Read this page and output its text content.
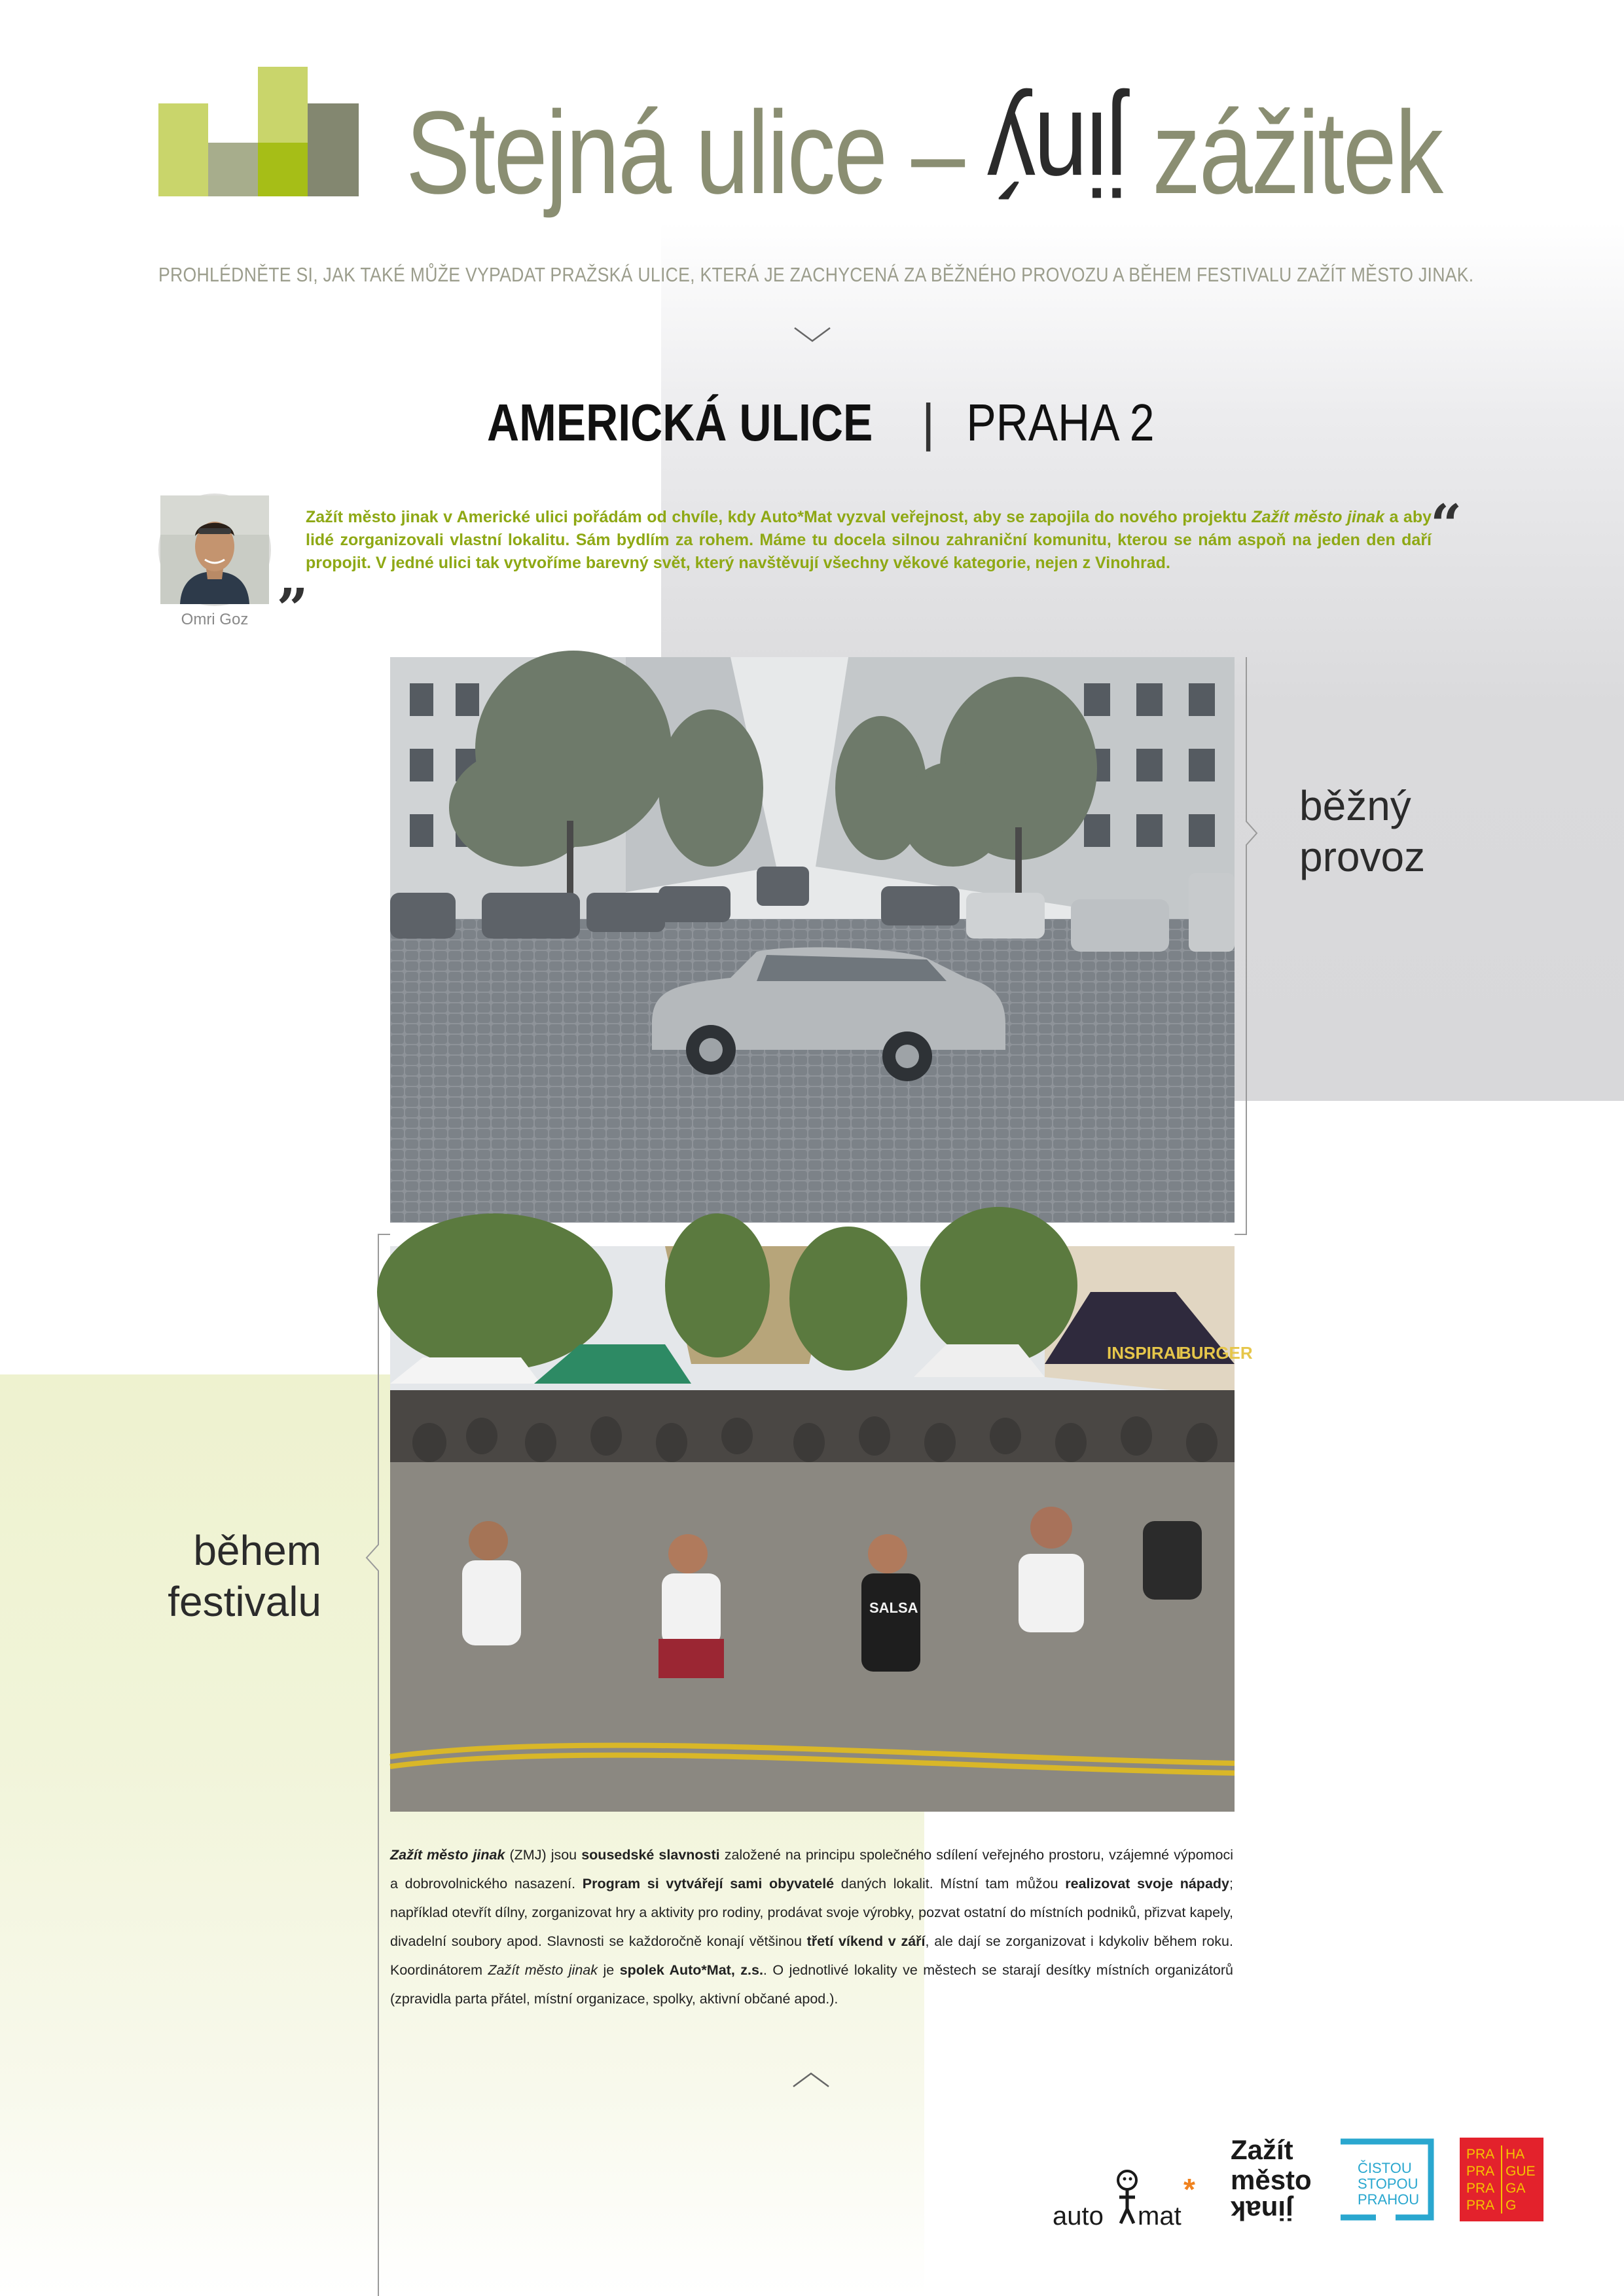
Stejná ulice – jiný zážitek
PROHLÉDNĚTE SI, JAK TAKÉ MŮŽE VYPADAT PRAŽSKÁ ULICE, KTERÁ JE ZACHYCENÁ ZA BĚŽNÉHO PROVOZU A BĚHEM FESTIVALU ZAŽÍT MĚSTO JINAK.
AMERICKÁ ULICE | PRAHA 2
Omri Goz
„
“
Zažít město jinak v Americké ulici pořádám od chvíle, kdy Auto*Mat vyzval veřejnost, aby se zapojila do nového projektu Zažít město jinak a aby lidé zorganizovali vlastní lokalitu. Sám bydlím za rohem. Máme tu docela silnou zahraniční komunitu, kterou se nám aspoň na jeden den daří propojit. V jedné ulici tak vytvoříme barevný svět, který navštěvují všechny věkové kategorie, nejen z Vinohrad.
běžný
provoz
INSPIRAL
BURGER
SALSA
během
festivalu
Zažít město jinak (ZMJ) jsou sousedské slavnosti založené na principu společného sdílení veřejného prostoru, vzájemné výpomoci a dobrovolnického nasazení. Program si vytvářejí sami obyvatelé daných lokalit. Místní tam můžou realizovat svoje nápady; například otevřít dílny, zorganizovat hry a aktivity pro rodiny, prodávat svoje výrobky, pozvat ostatní do místních podniků, přizvat kapely, divadelní soubory apod. Slavnosti se každoročně konají většinou třetí víkend v září, ale dají se zorganizovat i kdykoliv během roku. Koordinátorem Zažít město jinak je spolek Auto*Mat, z.s.. O jednotlivé lokality ve městech se starají desítky místních organizátorů (zpravidla parta přátel, místní organizace, spolky, aktivní občané apod.).
auto mat
*
Zažít
město
jinak
ČISTOU
STOPOU
PRAHOU
PRA HA
PRA GUE
PRA GA
PRA G
